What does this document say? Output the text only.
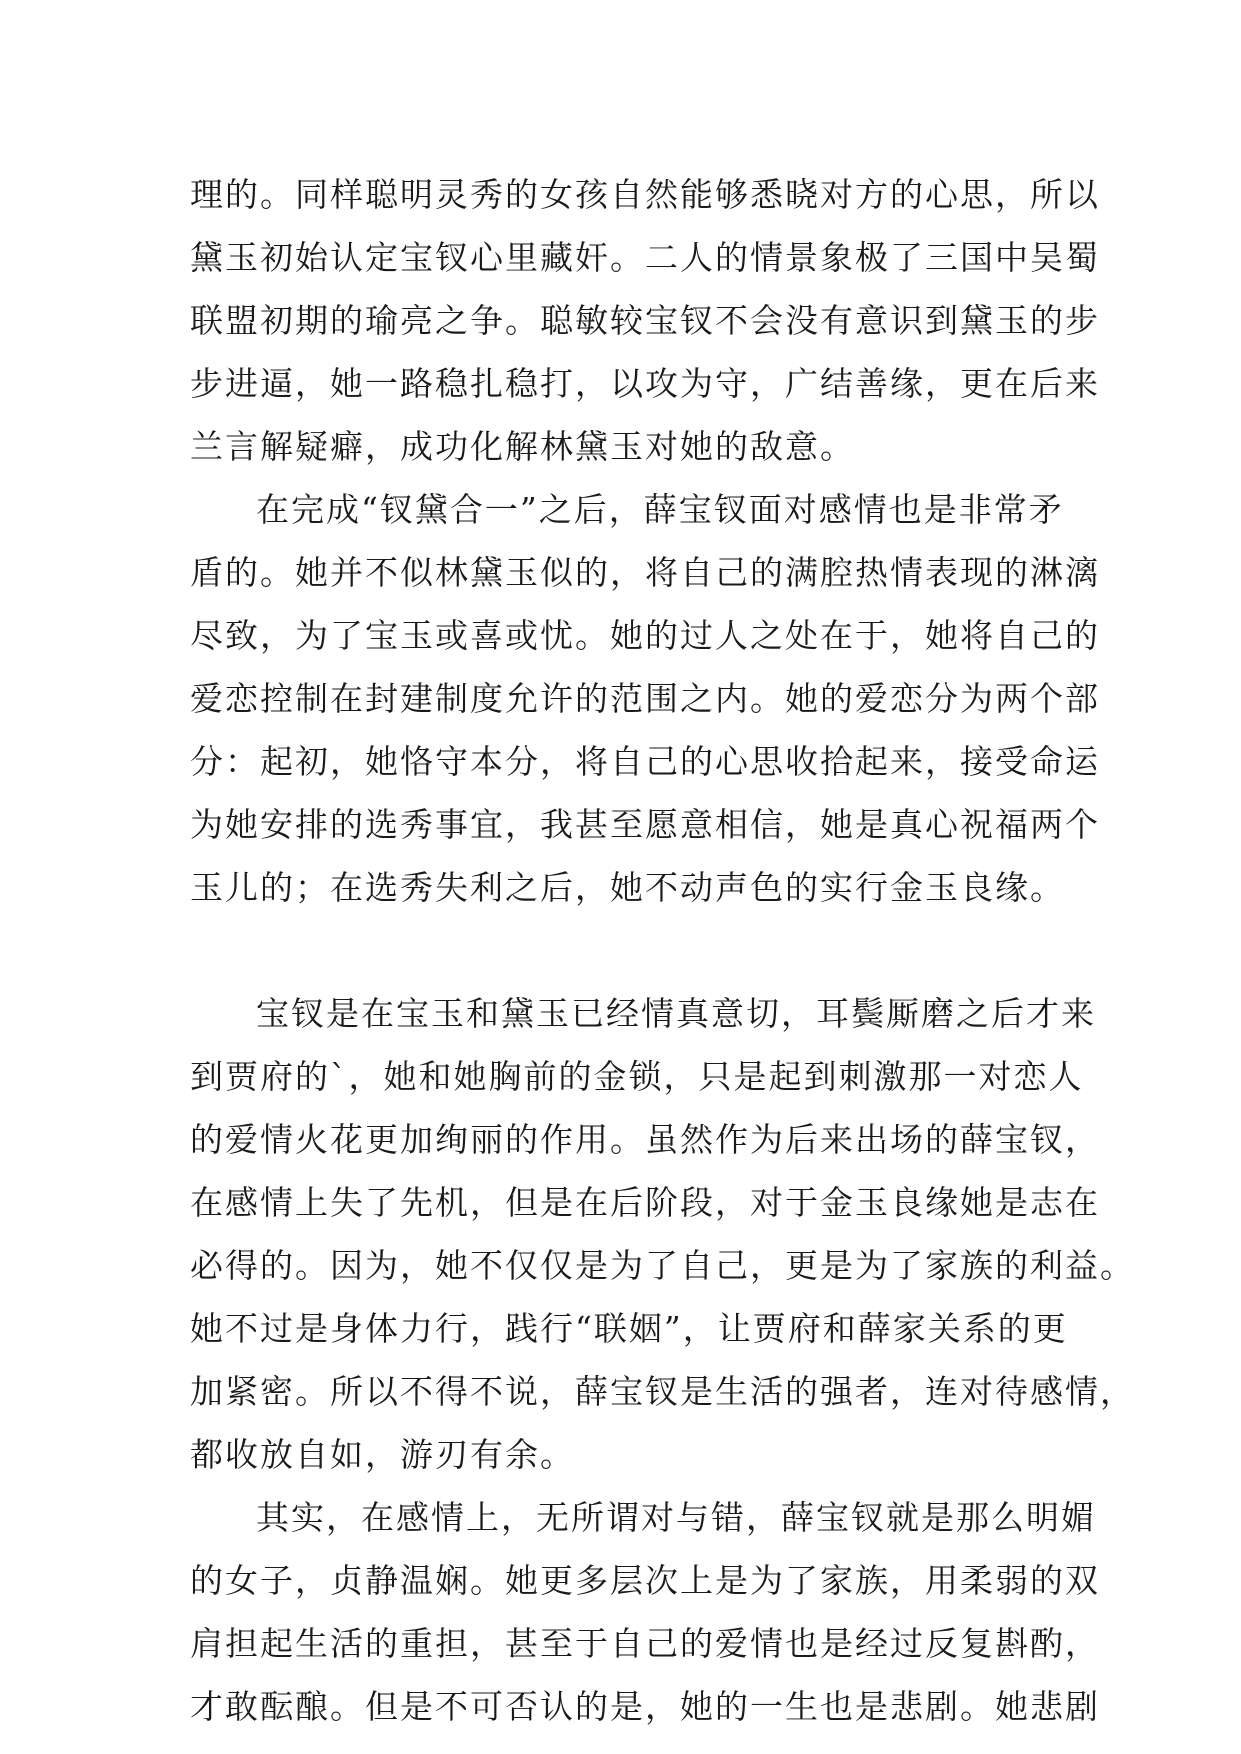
理的。同样聪明灵秀的女孩自然能够悉晓对方的心思，所以
黛玉初始认定宝钗心里藏奸。二人的情景象极了三国中吴蜀
联盟初期的瑜亮之争。聪敏较宝钗不会没有意识到黛玉的步
步进逼，她一路稳扎稳打，以攻为守，广结善缘，更在后来
兰言解疑癖，成功化解林黛玉对她的敌意。
在完成“钗黛合一”之后，薛宝钗面对感情也是非常矛
盾的。她并不似林黛玉似的，将自己的满腔热情表现的淋漓
尽致，为了宝玉或喜或忧。她的过人之处在于，她将自己的
爱恋控制在封建制度允许的范围之内。她的爱恋分为两个部
分：起初，她恪守本分，将自己的心思收拾起来，接受命运
为她安排的选秀事宜，我甚至愿意相信，她是真心祝福两个
玉儿的；在选秀失利之后，她不动声色的实行金玉良缘。
宝钗是在宝玉和黛玉已经情真意切，耳鬓厮磨之后才来
到贾府的`，她和她胸前的金锁，只是起到刺激那一对恋人
的爱情火花更加绚丽的作用。虽然作为后来出场的薛宝钗，
在感情上失了先机，但是在后阶段，对于金玉良缘她是志在
必得的。因为，她不仅仅是为了自己，更是为了家族的利益。
她不过是身体力行，践行“联姻”，让贾府和薛家关系的更
加紧密。所以不得不说，薛宝钗是生活的强者，连对待感情，
都收放自如，游刃有余。
其实，在感情上，无所谓对与错，薛宝钗就是那么明媚
的女子，贞静温娴。她更多层次上是为了家族，用柔弱的双
肩担起生活的重担，甚至于自己的爱情也是经过反复斟酌，
才敢酝酿。但是不可否认的是，她的一生也是悲剧。她悲剧
